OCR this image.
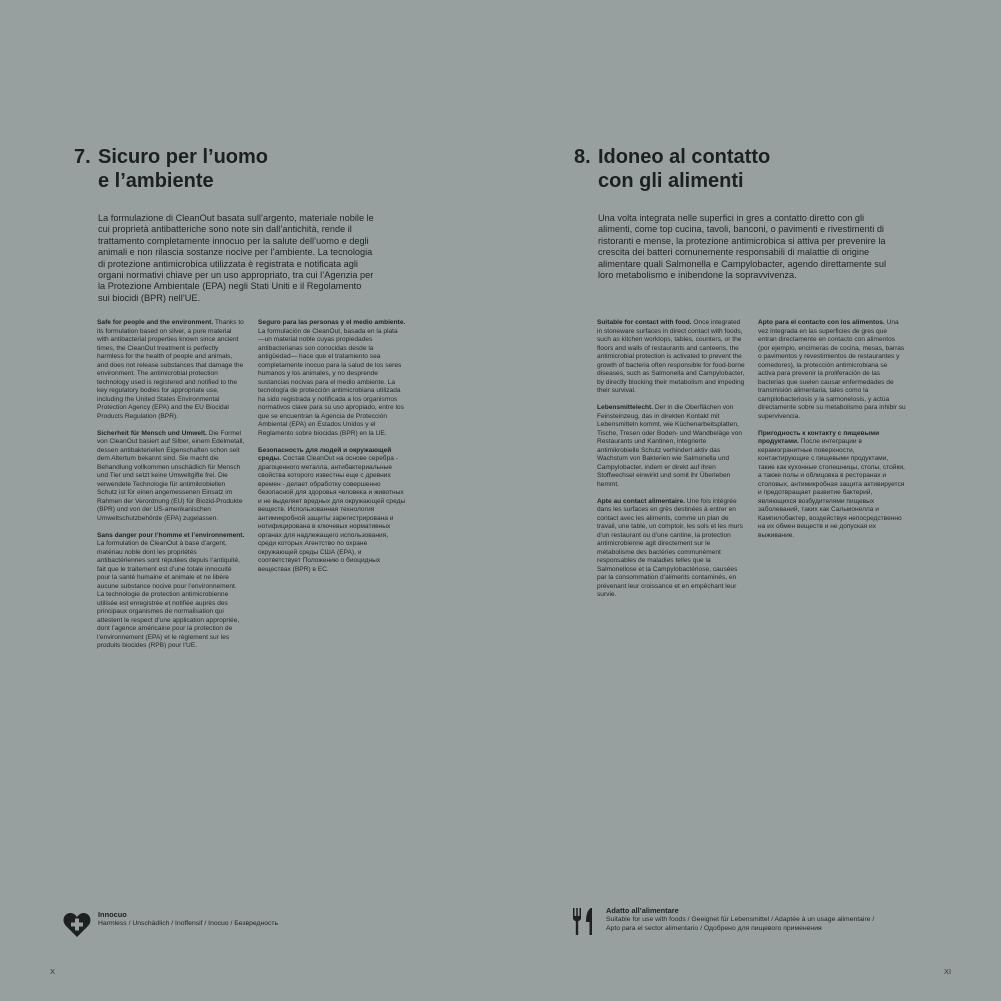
7. Sicuro per l’uomo
e l’ambiente

La formulazione di CleanOut basata sull’argento, materiale nobile le cui proprietà antibatteriche sono note sin dall’antichità, rende il trattamento completamente innocuo per la salute dell’uomo e degli animali e non rilascia sostanze nocive per l’ambiente. La tecnologia di protezione antimicrobica utilizzata è registrata e notificata agli organi normativi chiave per un uso appropriato, tra cui l’Agenzia per la Protezione Ambientale (EPA) negli Stati Uniti e il Regolamento sui biocidi (BPR) nell’UE.

Safe for people and the environment. Thanks to its formulation based on silver, a pure material with antibacterial properties known since ancient times, the CleanOut treatment is perfectly harmless for the health of people and animals, and does not release substances that damage the environment. The antimicrobial protection technology used is registered and notified to the key regulatory bodies for appropriate use, including the United States Environmental Protection Agency (EPA) and the EU Biocidal Products Regulation (BPR).

Sicherheit für Mensch und Umwelt. Die Formel von CleanOut basiert auf Silber, einem Edelmetall, dessen antibakteriellen Eigenschaften schon seit dem Altertum bekannt sind. Sie macht die Behandlung vollkommen unschädlich für Mensch und Tier und setzt keine Umweltgifte frei. Die verwendete Technologie für antimikrobiellen Schutz ist für einen angemessenen Einsatz im Rahmen der Verordnung (EU) für Biozid-Produkte (BPR) und von der US-amerikanischen Umweltschutzbehörde (EPA) zugelassen.

Sans danger pour l’homme et l’environnement. La formulation de CleanOut à base d’argent, matériau noble dont les propriétés antibactériennes sont réputées depuis l’antiquité, fait que le traitement est d’une totale innocuité pour la santé humaine et animale et ne libère aucune substance nocive pour l’environnement. La technologie de protection antimicrobienne utilisée est enregistrée et notifiée auprès des principaux organismes de normalisation qui attestent le respect d’une application appropriée, dont l’agence américaine pour la protection de l’environnement (EPA) et le règlement sur les produits biocides (RPB) pour l’UE.

Seguro para las personas y el medio ambiente. La formulación de CleanOut, basada en la plata —un material noble cuyas propiedades antibacterianas son conocidas desde la antigüedad— hace que el tratamiento sea completamente inocuo para la salud de los seres humanos y los animales, y no desprende sustancias nocivas para el medio ambiente. La tecnología de protección antimicrobiana utilizada ha sido registrada y notificada a los organismos normativos clave para su uso apropiado, entre los que se encuentran la Agencia de Protección Ambiental (EPA) en Estados Unidos y el Reglamento sobre biocidas (BPR) en la UE.

Безопасность для людей и окружающей среды. Состав CleanOut на основе серебра - драгоценного металла, антибактериальные свойства которого известны еще с древних времен - делает обработку совершенно безопасной для здоровья человека и животных и не выделяет вредных для окружающей среды веществ. Использованная технология антимикробной защиты зарегистрирована и нотифицирована в ключевых нормативных органах для надлежащего использования, среди которых Агентство по охране окружающей среды США (EPA), и соответствует Положению о биоцидных веществах (BPR) в ЕС.

Innocuo
Harmless / Unschädlich / Inoffensif / Inocuo / Безвредность
X
8. Idoneo al contatto
con gli alimenti

Una volta integrata nelle superfici in gres a contatto diretto con gli alimenti, come top cucina, tavoli, banconi, o pavimenti e rivestimenti di ristoranti e mense, la protezione antimicrobica si attiva per prevenire la crescita dei batteri comunemente responsabili di malattie di origine alimentare quali Salmonella e Campylobacter, agendo direttamente sul loro metabolismo e inibendone la sopravvivenza.

Suitable for contact with food. Once integrated in stoneware surfaces in direct contact with foods, such as kitchen worktops, tables, counters, or the floors and walls of restaurants and canteens, the antimicrobial protection is activated to prevent the growth of bacteria often responsible for food-borne diseases, such as Salmonella and Campylobacter, by directly blocking their metabolism and impeding their survival.

Lebensmittelecht. Der in die Oberflächen von Feinsteinzeug, das in direkten Kontakt mit Lebensmitteln kommt, wie Küchenarbeitsplatten, Tische, Tresen oder Boden- und Wandbeläge von Restaurants und Kantinen, integrierte antimikrobielle Schutz verhindert aktiv das Wachstum von Bakterien wie Salmonella und Campylobacter, indem er direkt auf ihren Stoffwechsel einwirkt und somit ihr Überleben hemmt.

Apte au contact alimentaire. Une fois intégrée dans les surfaces en grès destinées à entrer en contact avec les aliments, comme un plan de travail, une table, un comptoir, les sols et les murs d’un restaurant ou d’une cantine, la protection antimicrobienne agit directement sur le métabolisme des bactéries communément responsables de maladies telles que la Salmonellose et la Campylobactériose, causées par la consommation d’aliments contaminés, en prévenant leur croissance et en empêchant leur survie.

Apto para el contacto con los alimentos. Una vez integrada en las superficies de gres que entran directamente en contacto con alimentos (por ejemplo, encimeras de cocina, mesas, barras o pavimentos y revestimientos de restaurantes y comedores), la protección antimicrobiana se activa para prevenir la proliferación de las bacterias que suelen causar enfermedades de transmisión alimentaria, tales como la campilobacteriosis y la salmonelosis, y actúa directamente sobre su metabolismo para inhibir su supervivencia.

Пригодность к контакту с пищевыми продуктами. После интеграции в керамогранитные поверхности, контактирующие с пищевыми продуктами, такие как кухонные столешницы, столы, стойки, а также полы и облицовка в ресторанах и столовых, антимикробная защита активируется и предотвращает развитие бактерий, являющихся возбудителями пищевых заболеваний, таких как Сальмонелла и Кампилобактер, воздействуя непосредственно на их обмен веществ и не допуская их выживание.

Adatto all’alimentare
Suitable for use with foods / Geeignet für Lebensmittel / Adaptée à un usage alimentaire /
Apto para el sector alimentario / Одобрено для пищевого применения
XI
